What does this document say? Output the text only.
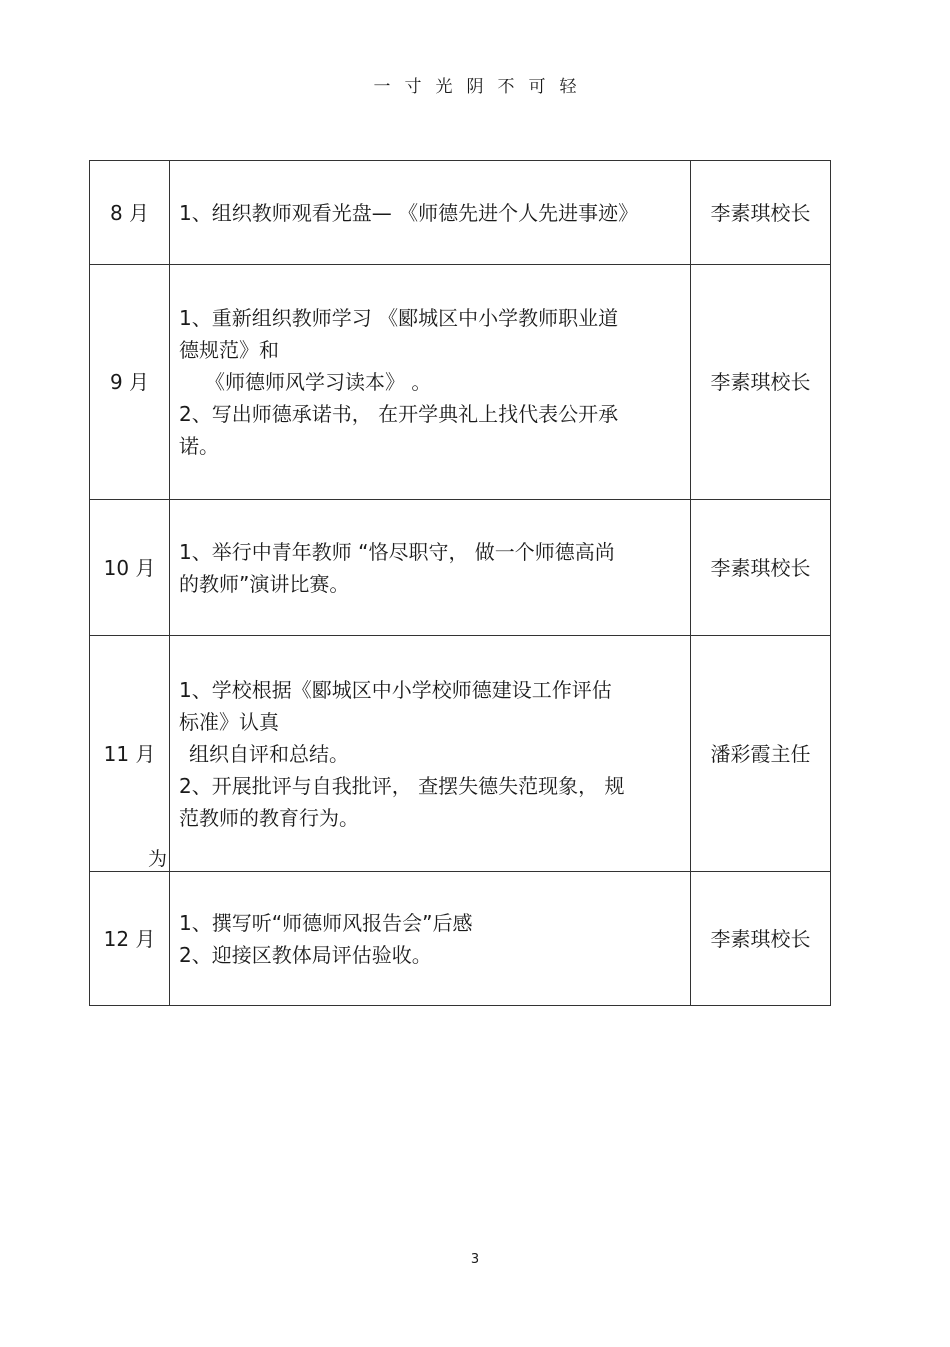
一寸光阴不可轻
8 月	1、组织教师观看光盘— 《师德先进个人先进事迹》	李素琪校长
9 月	1、重新组织教师学习 《郾城区中小学教师职业道
德规范》和
《师德师风学习读本》 。
2、写出师德承诺书， 在开学典礼上找代表公开承
诺。	李素琪校长
10 月	1、举行中青年教师 “恪尽职守， 做一个师德高尚
的教师”演讲比赛。	李素琪校长
11 月
为	1、学校根据《郾城区中小学校师德建设工作评估
标准》认真
组织自评和总结。
2、开展批评与自我批评， 查摆失德失范现象， 规
范教师的教育行为。	潘彩霞主任
12 月	1、撰写听“师德师风报告会”后感
2、迎接区教体局评估验收。	李素琪校长
3
